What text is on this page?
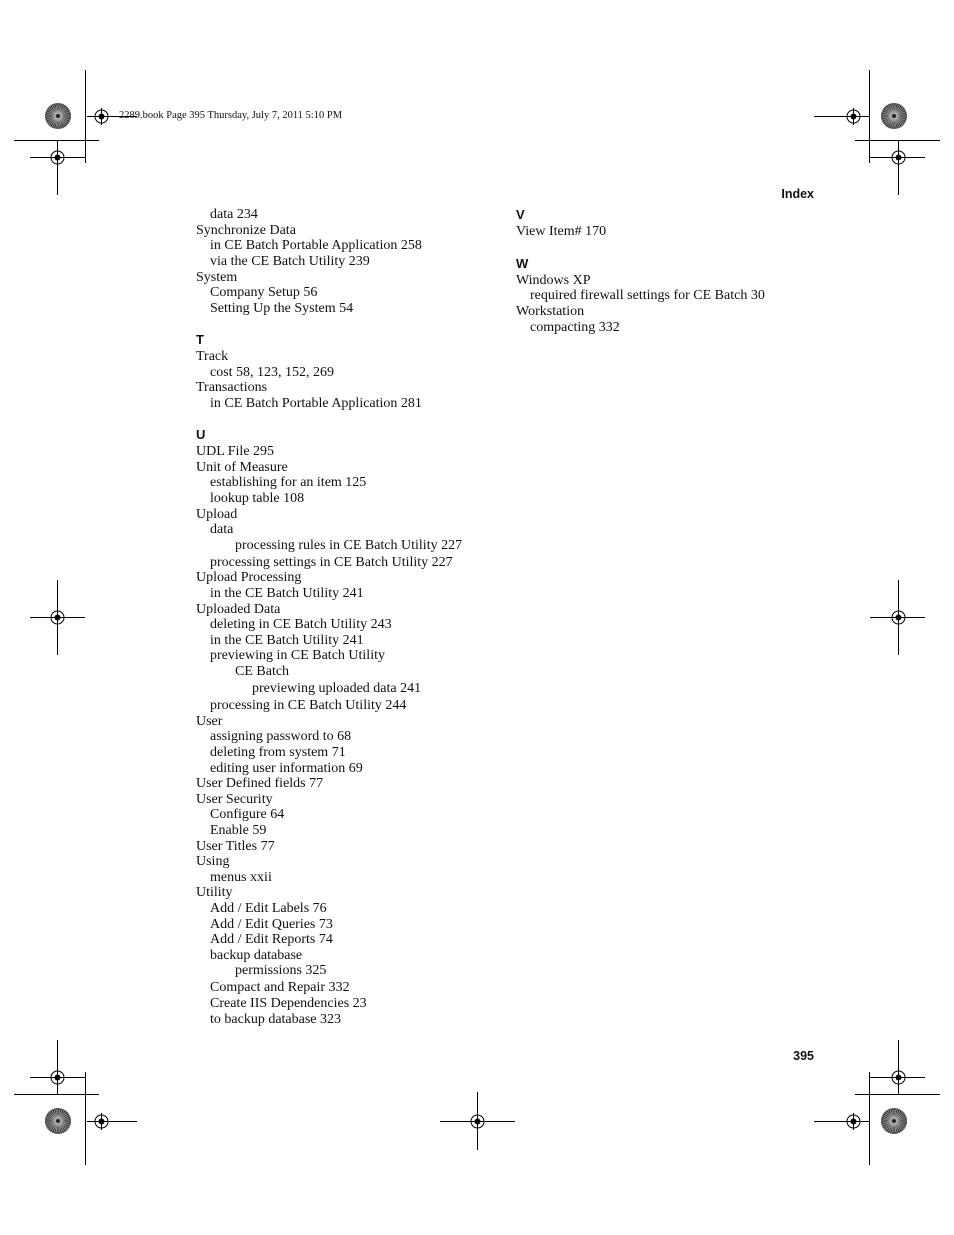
2289.book Page 395 Thursday, July 7, 2011 5:10 PM
Index
data 234
Synchronize Data
in CE Batch Portable Application 258
via the CE Batch Utility 239
System
Company Setup 56
Setting Up the System 54
T
Track
cost 58, 123, 152, 269
Transactions
in CE Batch Portable Application 281
U
UDL File 295
Unit of Measure
establishing for an item 125
lookup table 108
Upload
data
processing rules in CE Batch Utility 227
processing settings in CE Batch Utility 227
Upload Processing
in the CE Batch Utility 241
Uploaded Data
deleting in CE Batch Utility 243
in the CE Batch Utility 241
previewing in CE Batch Utility
CE Batch
previewing uploaded data 241
processing in CE Batch Utility 244
User
assigning password to 68
deleting from system 71
editing user information 69
User Defined fields 77
User Security
Configure 64
Enable 59
User Titles 77
Using
menus xxii
Utility
Add / Edit Labels 76
Add / Edit Queries 73
Add / Edit Reports 74
backup database
permissions 325
Compact and Repair 332
Create IIS Dependencies 23
to backup database 323
V
View Item# 170
W
Windows XP
required firewall settings for CE Batch 30
Workstation
compacting 332
395
